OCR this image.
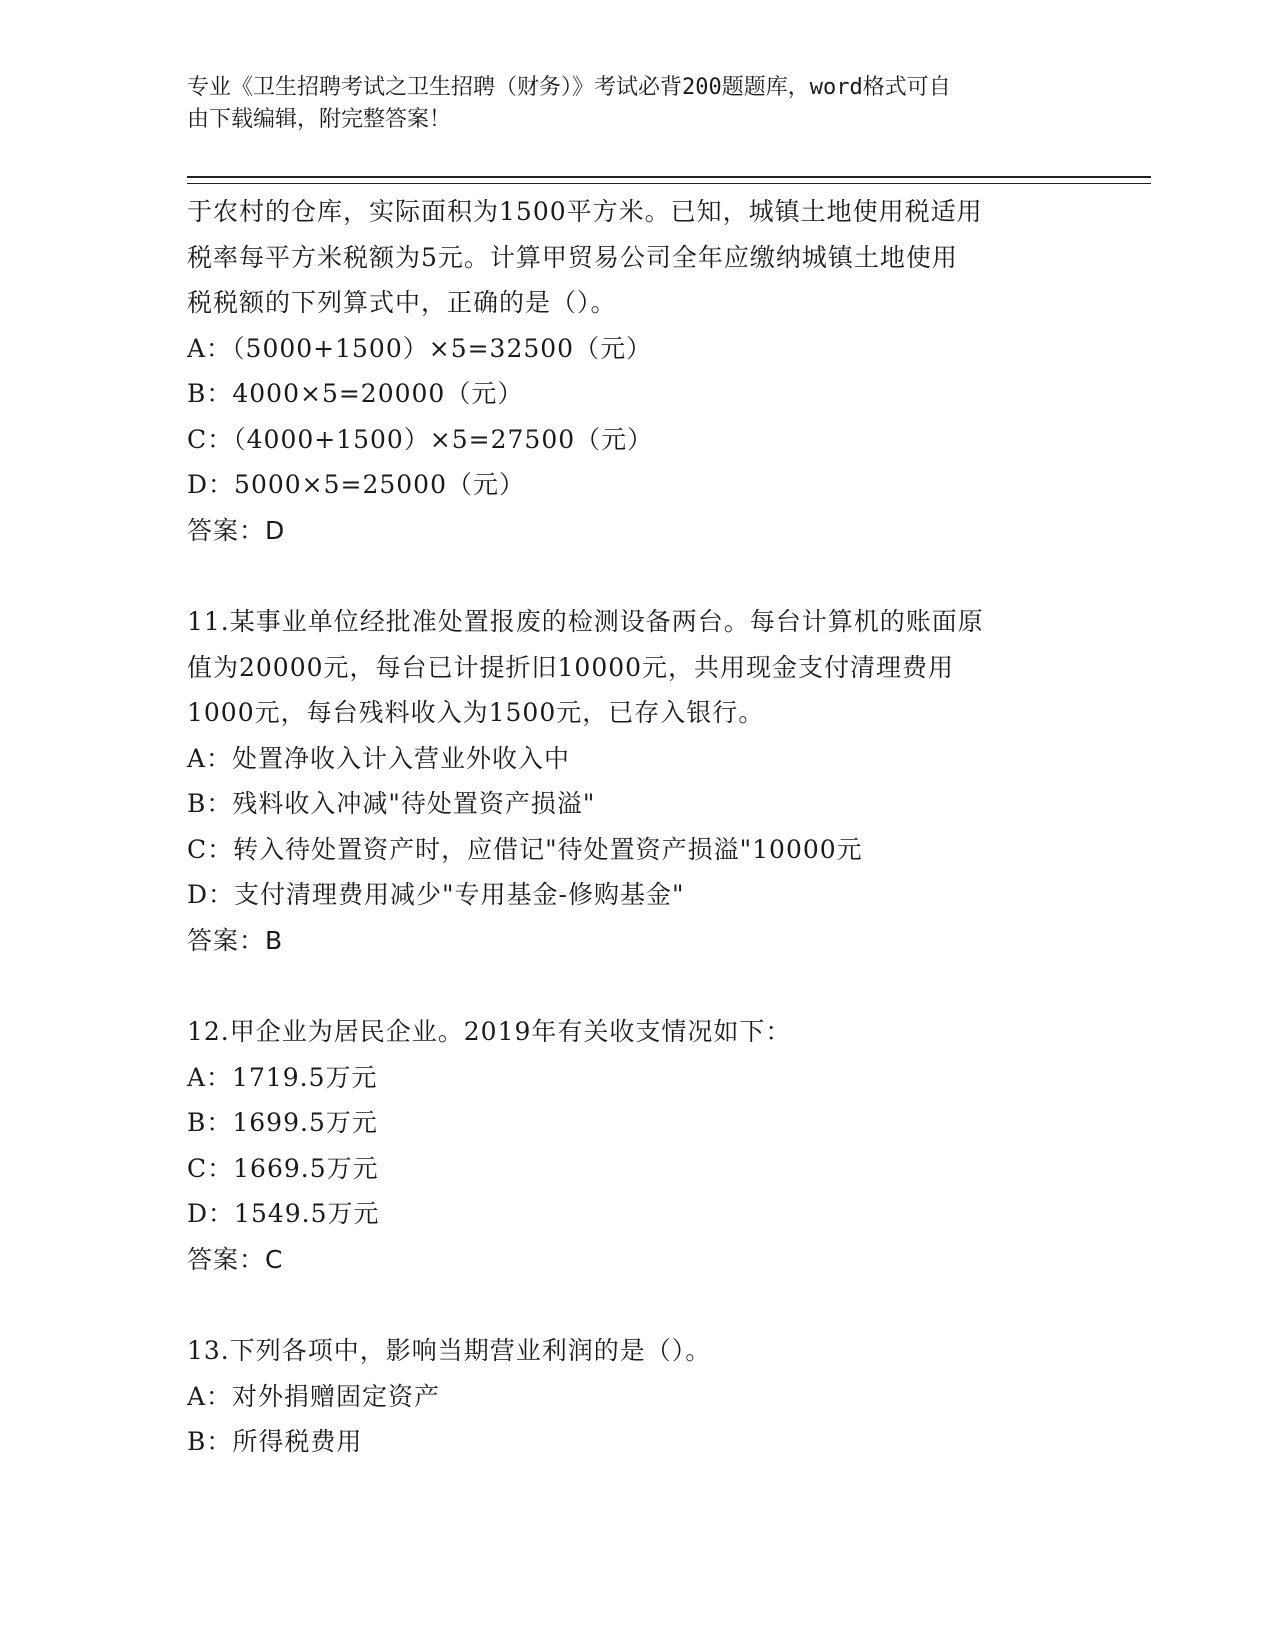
专业《卫生招聘考试之卫生招聘（财务）》考试必背200题题库，word格式可自
由下载编辑，附完整答案！
于农村的仓库，实际面积为1500平方米。已知，城镇土地使用税适用
税率每平方米税额为5元。计算甲贸易公司全年应缴纳城镇土地使用
税税额的下列算式中，正确的是（）。
A：（5000+1500）×5=32500（元）
B：4000×5=20000（元）
C：（4000+1500）×5=27500（元）
D：5000×5=25000（元）
答案：D
11.某事业单位经批准处置报废的检测设备两台。每台计算机的账面原
值为20000元，每台已计提折旧10000元，共用现金支付清理费用
1000元，每台残料收入为1500元，已存入银行。
A：处置净收入计入营业外收入中
B：残料收入冲减"待处置资产损溢"
C：转入待处置资产时，应借记"待处置资产损溢"10000元
D：支付清理费用减少"专用基金-修购基金"
答案：B
12.甲企业为居民企业。2019年有关收支情况如下：
A：1719.5万元
B：1699.5万元
C：1669.5万元
D：1549.5万元
答案：C
13.下列各项中，影响当期营业利润的是（）。
A：对外捐赠固定资产
B：所得税费用
